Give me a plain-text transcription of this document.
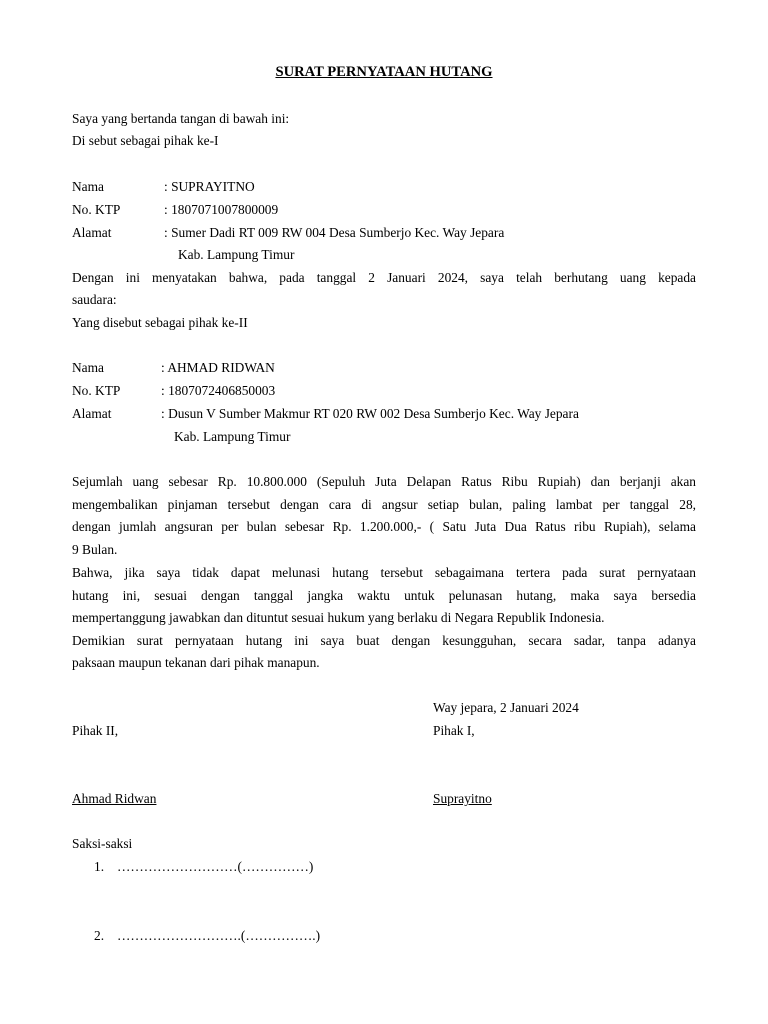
SURAT PERNYATAAN HUTANG
Saya yang bertanda tangan di bawah ini:
Di sebut sebagai pihak ke-I
Nama	: SUPRAYITNO
No. KTP	: 1807071007800009
Alamat	: Sumer Dadi RT 009 RW 004 Desa Sumberjo Kec. Way Jepara
Kab. Lampung Timur
Dengan ini menyatakan bahwa, pada tanggal 2 Januari 2024, saya telah berhutang uang kepada
saudara:
Yang disebut sebagai pihak ke-II
Nama	: AHMAD RIDWAN
No. KTP	: 1807072406850003
Alamat	: Dusun V Sumber Makmur RT 020 RW 002 Desa Sumberjo Kec. Way Jepara
Kab. Lampung Timur
Sejumlah uang sebesar Rp. 10.800.000 (Sepuluh Juta Delapan Ratus Ribu Rupiah) dan berjanji akan
mengembalikan pinjaman tersebut dengan cara di angsur setiap bulan, paling lambat per tanggal 28,
dengan jumlah angsuran per bulan sebesar Rp. 1.200.000,- ( Satu Juta Dua Ratus ribu Rupiah), selama
9 Bulan.
Bahwa, jika saya tidak dapat melunasi hutang tersebut sebagaimana tertera pada surat pernyataan
hutang ini, sesuai dengan tanggal jangka waktu untuk pelunasan hutang, maka saya bersedia
mempertanggung jawabkan dan dituntut sesuai hukum yang berlaku di Negara Republik Indonesia.
Demikian surat pernyataan hutang ini saya buat dengan kesungguhan, secara sadar, tanpa adanya
paksaan maupun tekanan dari pihak manapun.
Way jepara, 2 Januari 2024
Pihak II,	Pihak I,
Ahmad Ridwan	Suprayitno
Saksi-saksi
1. ………………………(……………)
2. ……………………….(…………….)
